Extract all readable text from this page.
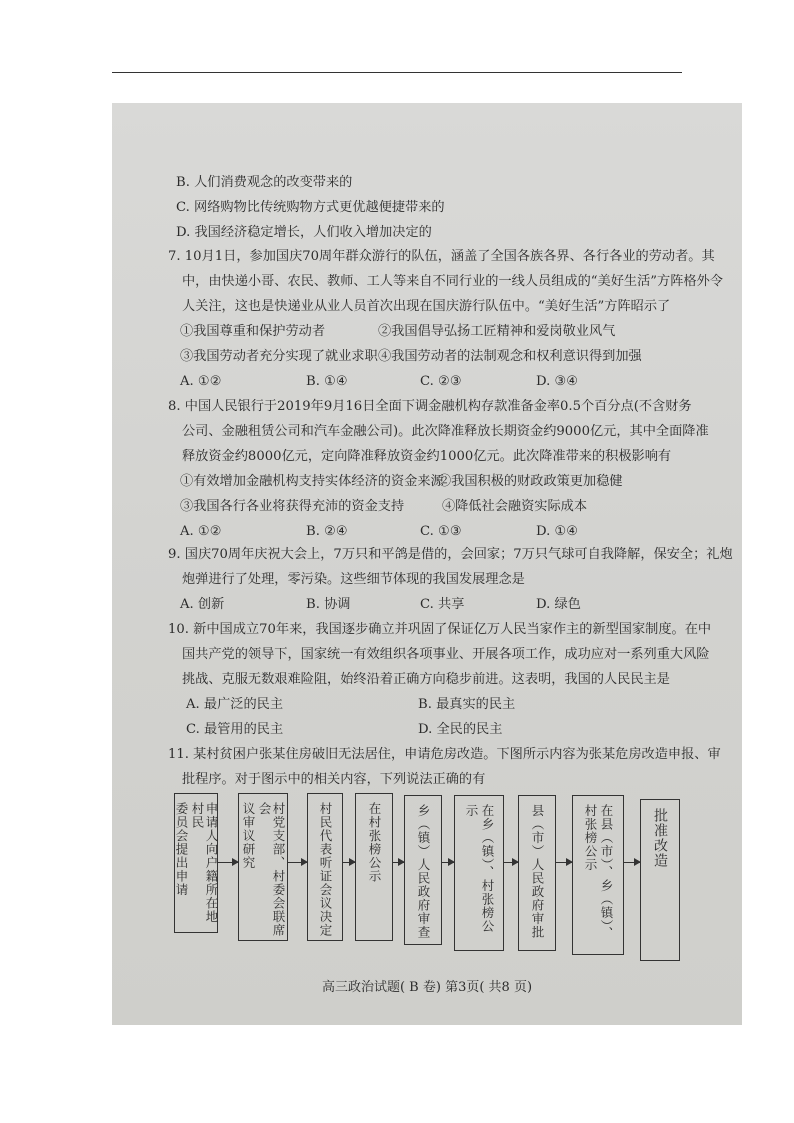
B. 人们消费观念的改变带来的
C. 网络购物比传统购物方式更优越便捷带来的
D. 我国经济稳定增长，人们收入增加决定的
7. 10月1日，参加国庆70周年群众游行的队伍，涵盖了全国各族各界、各行各业的劳动者。其
中，由快递小哥、农民、教师、工人等来自不同行业的一线人员组成的“美好生活”方阵格外令
人关注，这也是快递业从业人员首次出现在国庆游行队伍中。“美好生活”方阵昭示了
①我国尊重和保护劳动者	②我国倡导弘扬工匠精神和爱岗敬业风气
③我国劳动者充分实现了就业求职 ④我国劳动者的法制观念和权利意识得到加强
A. ①②	B. ①④	C. ②③	D. ③④
8. 中国人民银行于2019年9月16日全面下调金融机构存款准备金率0.5个百分点(不含财务
公司、金融租赁公司和汽车金融公司)。此次降准释放长期资金约9000亿元，其中全面降准
释放资金约8000亿元，定向降准释放资金约1000亿元。此次降准带来的积极影响有
①有效增加金融机构支持实体经济的资金来源
②我国积极的财政政策更加稳健
③我国各行各业将获得充沛的资金支持	④降低社会融资实际成本
A. ①②	B. ②④	C. ①③	D. ①④
9. 国庆70周年庆祝大会上，7万只和平鸽是借的，会回家；7万只气球可自我降解，保安全；礼炮
炮弹进行了处理，零污染。这些细节体现的我国发展理念是
A. 创新	B. 协调	C. 共享	D. 绿色
10. 新中国成立70年来，我国逐步确立并巩固了保证亿万人民当家作主的新型国家制度。在中
国共产党的领导下，国家统一有效组织各项事业、开展各项工作，成功应对一系列重大风险
挑战、克服无数艰难险阻，始终沿着正确方向稳步前进。这表明，我国的人民民主是
A. 最广泛的民主	B. 最真实的民主
C. 最管用的民主	D. 全民的民主
11. 某村贫困户张某住房破旧无法居住，申请危房改造。下图所示内容为张某危房改造申报、审
批程序。对于图示中的相关内容，下列说法正确的有
申请人向户籍所在地村民
委员会提出申请	村党支部、村委会联席会
议审议研究	村民代表听证会议决定	在村张榜公示	乡（镇）人民政府审查	在乡（镇）、村张榜公
示	县（市）人民政府审批	在县（市）、乡（镇）、
村张榜公示	批准改造
高三政治试题( B 卷) 第3页( 共8 页)
